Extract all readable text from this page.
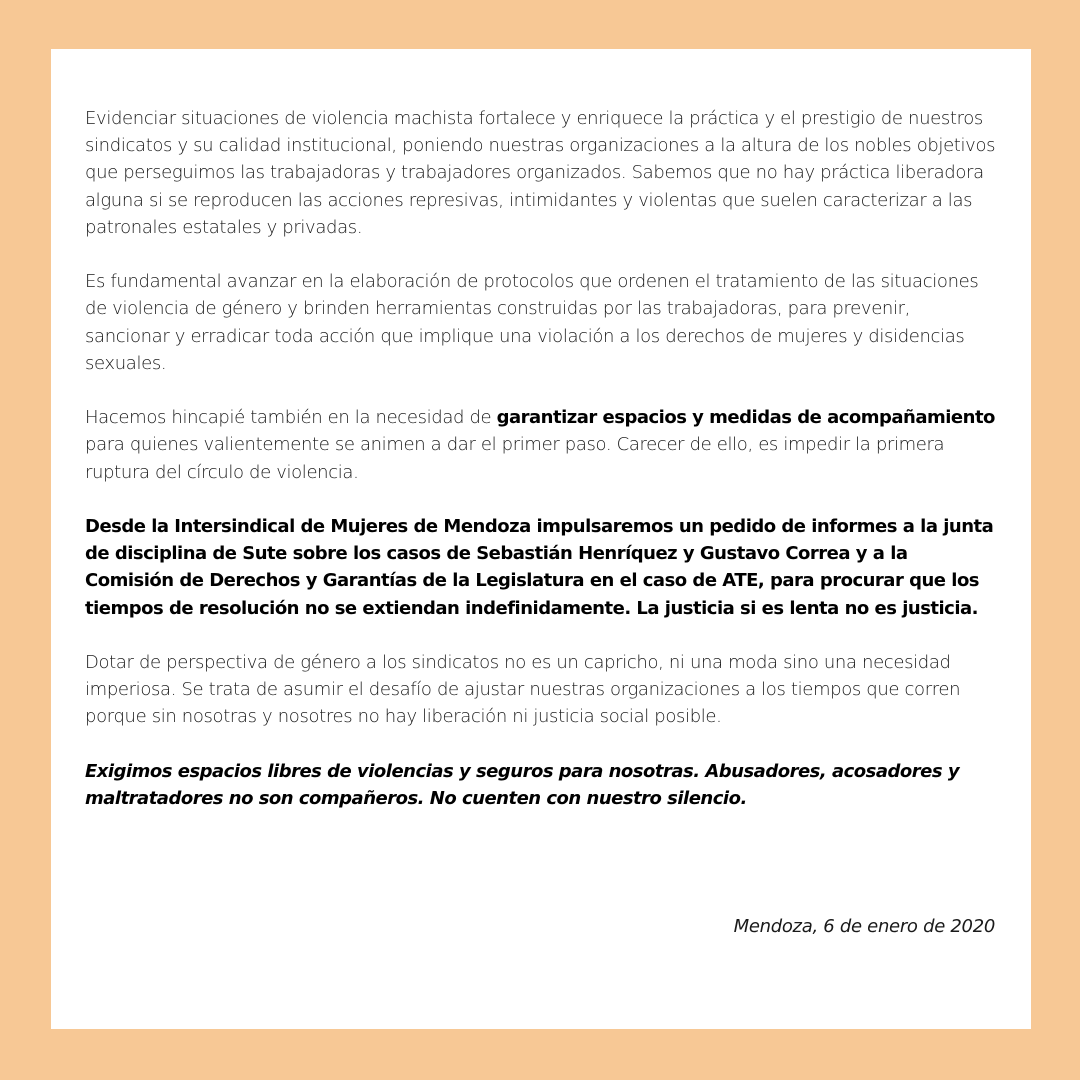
Evidenciar situaciones de violencia machista fortalece y enriquece la práctica y el prestigio de nuestros sindicatos y su calidad institucional, poniendo nuestras organizaciones a la altura de los nobles objetivos que perseguimos las trabajadoras y trabajadores organizados. Sabemos que no hay práctica liberadora alguna si se reproducen las acciones represivas, intimidantes y violentas que suelen caracterizar a las patronales estatales y privadas.

Es fundamental avanzar en la elaboración de protocolos que ordenen el tratamiento de las situaciones de violencia de género y brinden herramientas construidas por las trabajadoras, para prevenir, sancionar y erradicar toda acción que implique una violación a los derechos de mujeres y disidencias sexuales.

Hacemos hincapié también en la necesidad de garantizar espacios y medidas de acompañamiento para quienes valientemente se animen a dar el primer paso. Carecer de ello, es impedir la primera ruptura del círculo de violencia.

Desde la Intersindical de Mujeres de Mendoza impulsaremos un pedido de informes a la junta de disciplina de Sute sobre los casos de Sebastián Henríquez y Gustavo Correa y a la Comisión de Derechos y Garantías de la Legislatura en el caso de ATE, para procurar que los tiempos de resolución no se extiendan indefinidamente. La justicia si es lenta no es justicia.

Dotar de perspectiva de género a los sindicatos no es un capricho, ni una moda sino una necesidad imperiosa. Se trata de asumir el desafío de ajustar nuestras organizaciones a los tiempos que corren porque sin nosotras y nosotres no hay liberación ni justicia social posible.

Exigimos espacios libres de violencias y seguros para nosotras. Abusadores, acosadores y maltratadores no son compañeros. No cuenten con nuestro silencio.

Mendoza, 6 de enero de 2020
